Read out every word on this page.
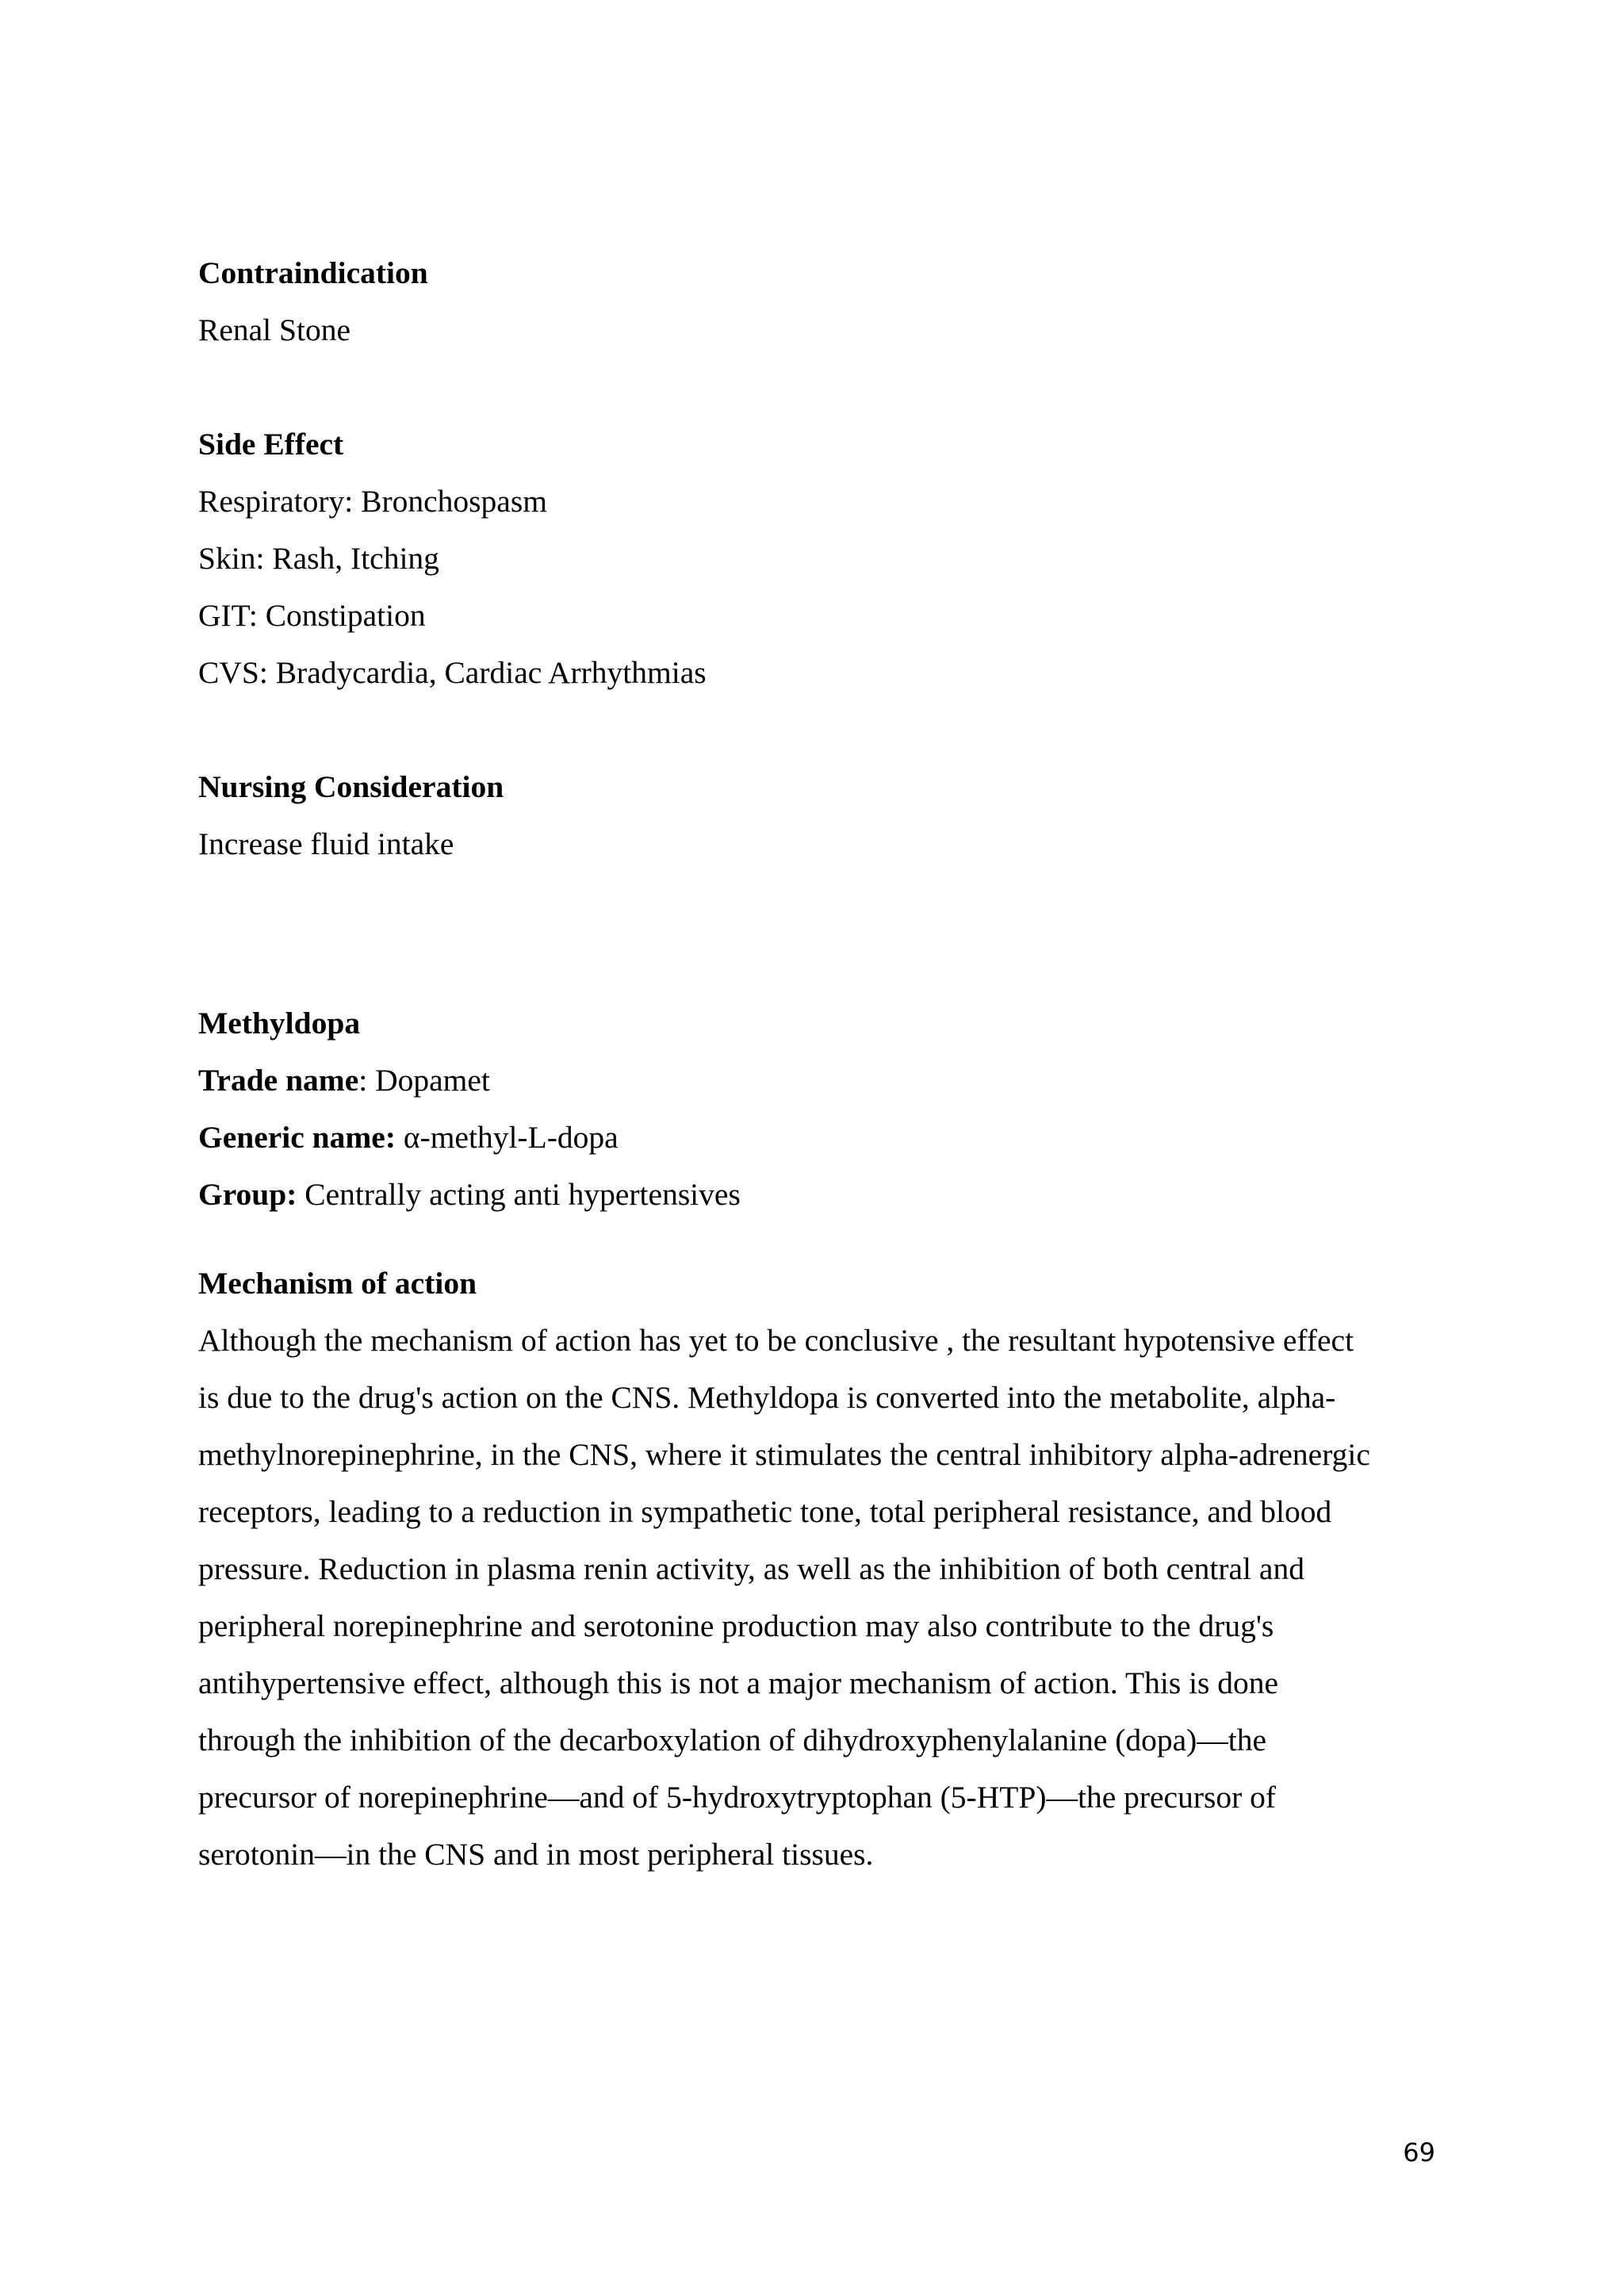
Contraindication
Renal Stone
Side Effect
Respiratory: Bronchospasm
Skin: Rash, Itching
GIT: Constipation
CVS: Bradycardia, Cardiac Arrhythmias
Nursing Consideration
Increase fluid intake
Methyldopa
Trade name: Dopamet
Generic name: α-methyl-L-dopa
Group: Centrally acting anti hypertensives
Mechanism of action
Although the mechanism of action has yet to be conclusive , the resultant hypotensive effect
is due to the drug's action on the CNS. Methyldopa is converted into the metabolite, alpha-
methylnorepinephrine, in the CNS, where it stimulates the central inhibitory alpha-adrenergic
receptors, leading to a reduction in sympathetic tone, total peripheral resistance, and blood
pressure. Reduction in plasma renin activity, as well as the inhibition of both central and
peripheral norepinephrine and serotonine production may also contribute to the drug's
antihypertensive effect, although this is not a major mechanism of action. This is done
through the inhibition of the decarboxylation of dihydroxyphenylalanine (dopa)—the
precursor of norepinephrine—and of 5-hydroxytryptophan (5-HTP)—the precursor of
serotonin—in the CNS and in most peripheral tissues.
69
